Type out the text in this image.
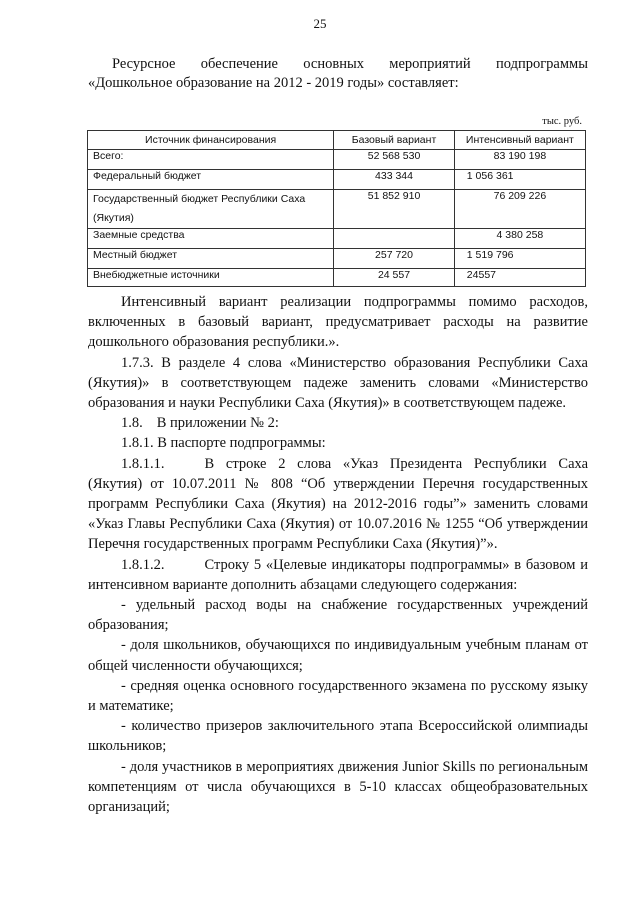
25
Ресурсное обеспечение основных мероприятий подпрограммы
«Дошкольное образование на 2012 - 2019 годы» составляет:
тыс. руб.
Источник финансирования	Базовый вариант	Интенсивный вариант
Всего:	52 568 530	83 190 198
Федеральный бюджет	433 344	1 056 361
Государственный бюджет Республики Саха (Якутия)	51 852 910	76 209 226
Заемные средства		4 380 258
Местный бюджет	257 720	1 519 796
Внебюджетные источники	24 557	24557

Интенсивный вариант реализации подпрограммы помимо расходов, включенных в базовый вариант, предусматривает расходы на развитие дошкольного образования республики.».

1.7.3. В разделе 4 слова «Министерство образования Республики Саха (Якутия)» в соответствующем падеже заменить словами «Министерство образования и науки Республики Саха (Якутия)» в соответствующем падеже.

1.8. В приложении № 2:

1.8.1. В паспорте подпрограммы:

1.8.1.1.	В строке 2 слова «Указ Президента Республики Саха (Якутия) от 10.07.2011 № 808 “Об утверждении Перечня государственных программ Республики Саха (Якутия) на 2012-2016 годы”» заменить словами «Указ Главы Республики Саха (Якутия) от 10.07.2016 № 1255 “Об утверждении Перечня государственных программ Республики Саха (Якутия)”».

1.8.1.2.	Строку 5 «Целевые индикаторы подпрограммы» в базовом и интенсивном варианте дополнить абзацами следующего содержания:

- удельный расход воды на снабжение государственных учреждений образования;

- доля школьников, обучающихся по индивидуальным учебным планам от общей численности обучающихся;

- средняя оценка основного государственного экзамена по русскому языку и математике;

- количество призеров заключительного этапа Всероссийской олимпиады школьников;

- доля участников в мероприятиях движения Junior Skills по региональным компетенциям от числа обучающихся в 5-10 классах общеобразовательных организаций;
